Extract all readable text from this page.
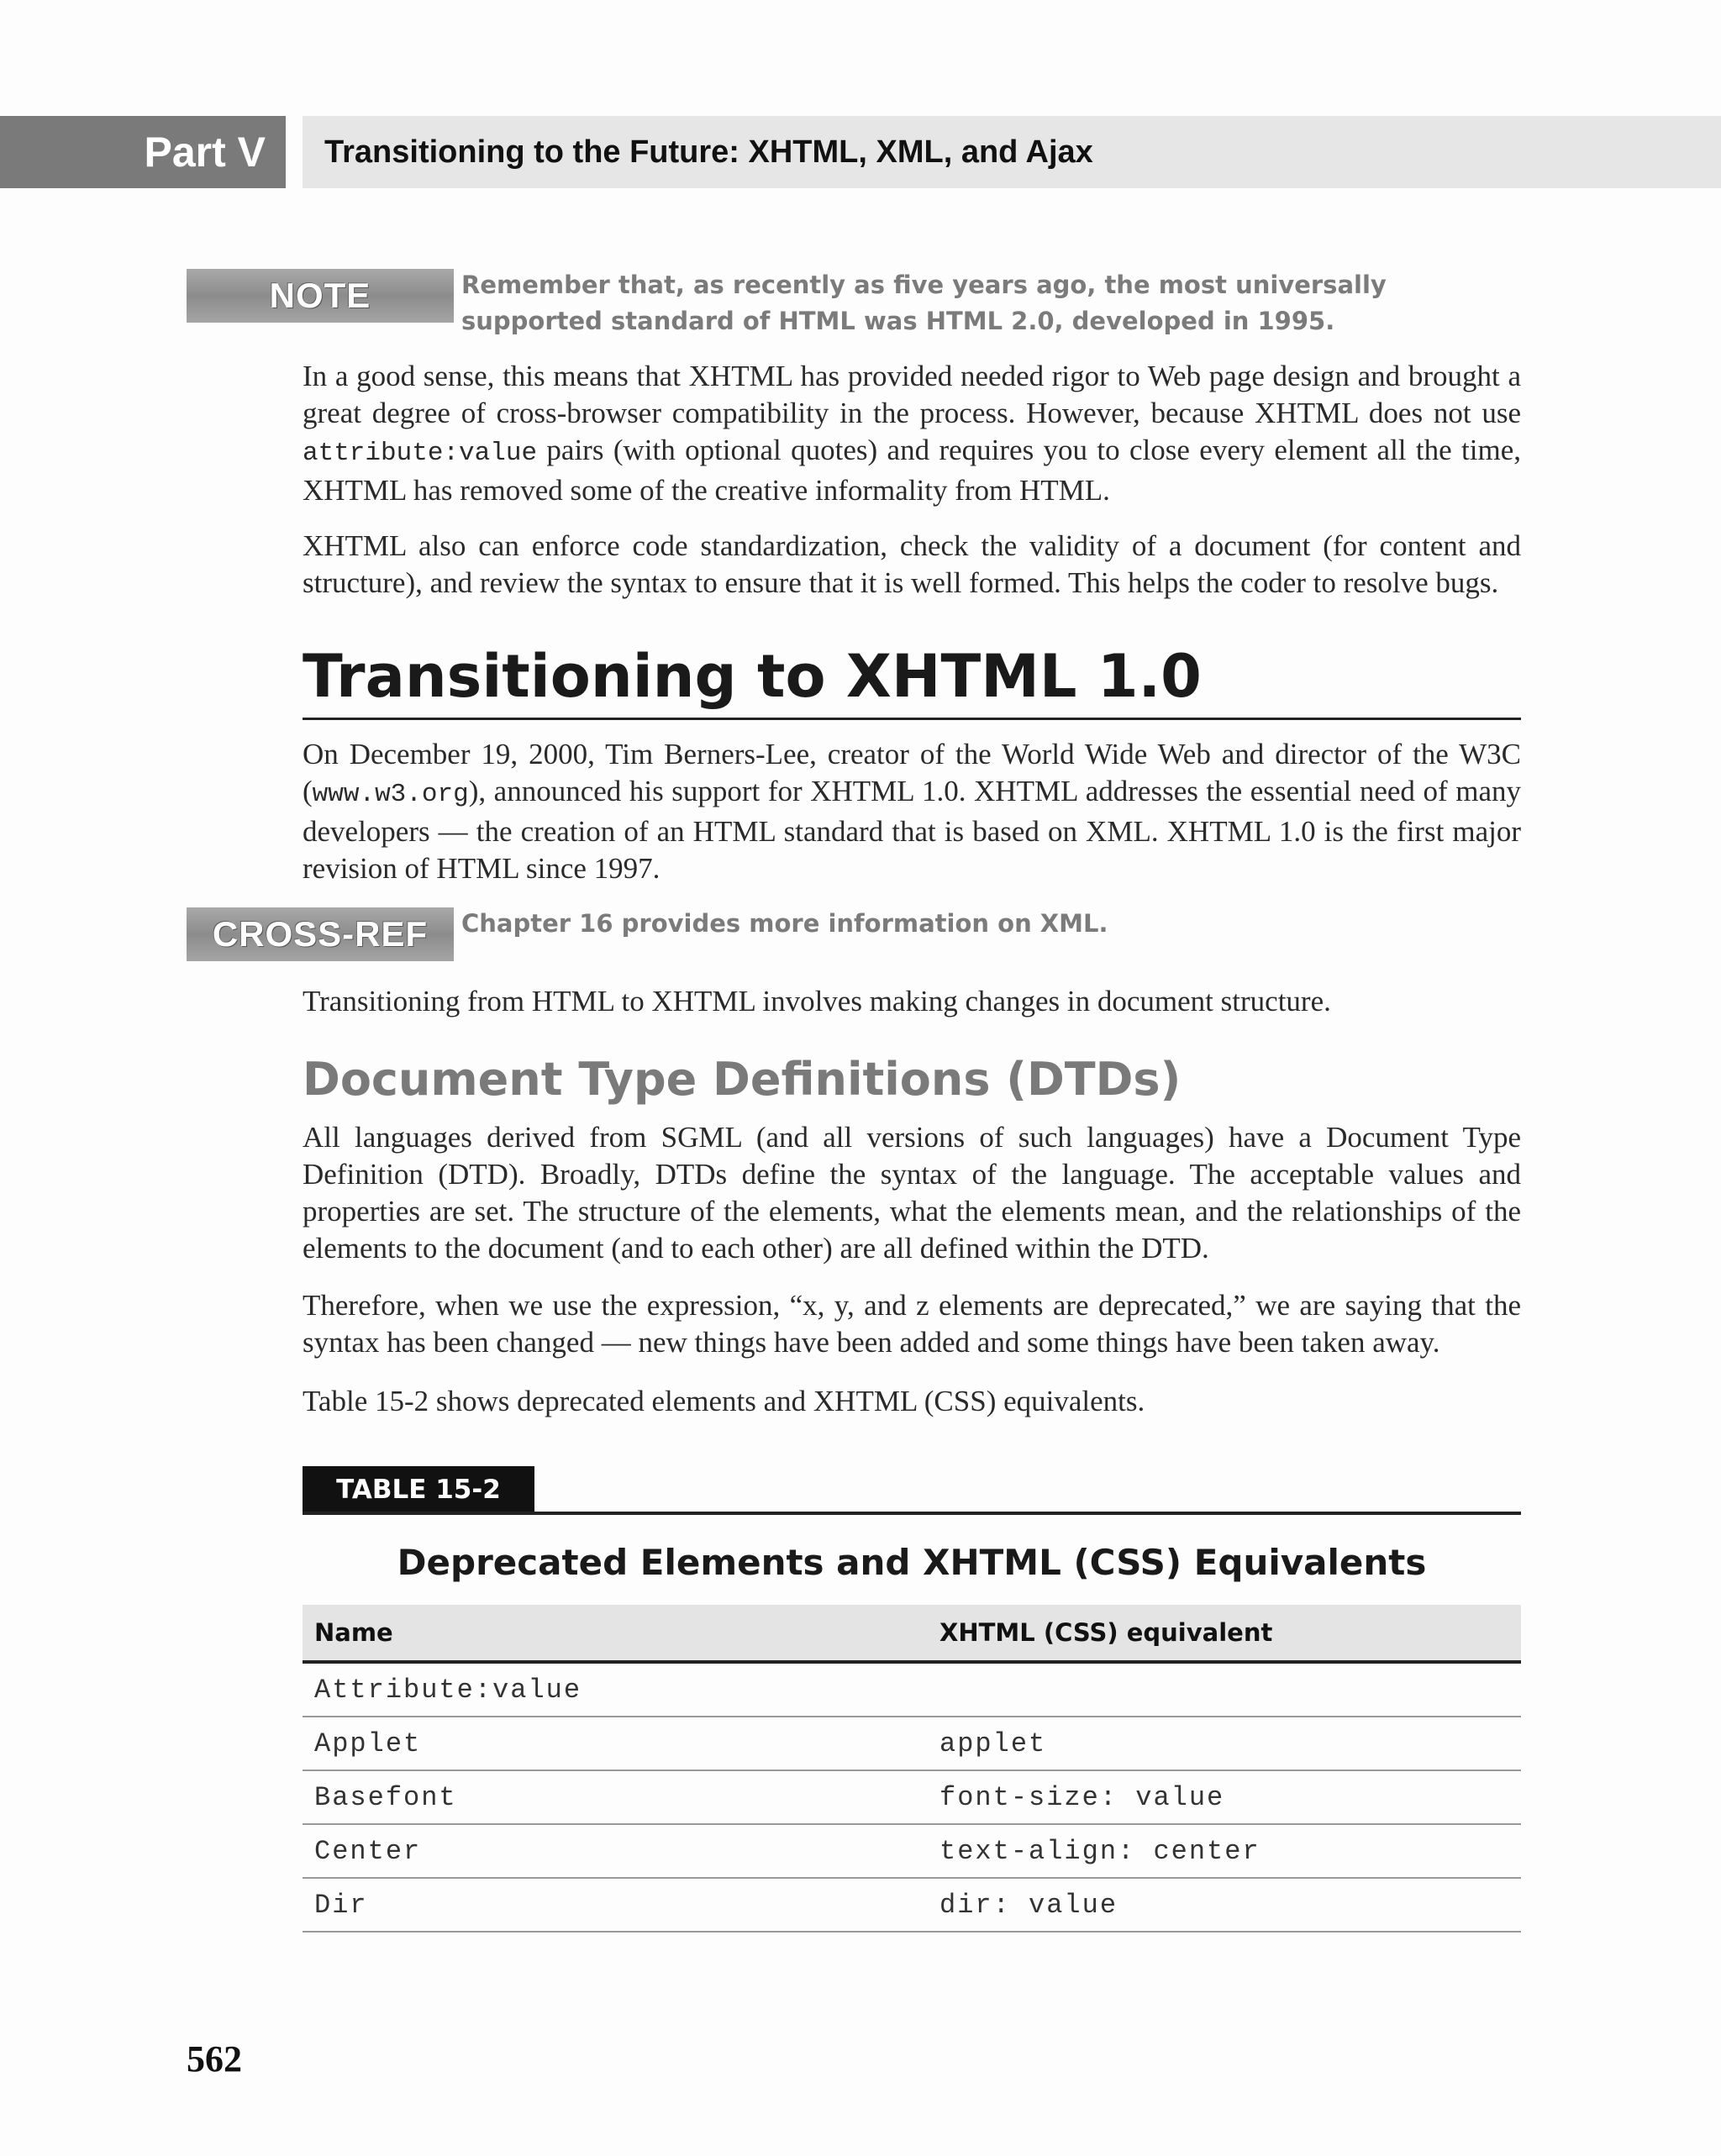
Part V	Transitioning to the Future: XHTML, XML, and Ajax
NOTE	Remember that, as recently as five years ago, the most universally supported standard of HTML was HTML 2.0, developed in 1995.

In a good sense, this means that XHTML has provided needed rigor to Web page design and brought a great degree of cross-browser compatibility in the process. However, because XHTML does not use attribute:value pairs (with optional quotes) and requires you to close every element all the time, XHTML has removed some of the creative informality from HTML.

XHTML also can enforce code standardization, check the validity of a document (for content and structure), and review the syntax to ensure that it is well formed. This helps the coder to resolve bugs.

Transitioning to XHTML 1.0

On December 19, 2000, Tim Berners-Lee, creator of the World Wide Web and director of the W3C (www.w3.org), announced his support for XHTML 1.0. XHTML addresses the essential need of many developers — the creation of an HTML standard that is based on XML. XHTML 1.0 is the first major revision of HTML since 1997.

CROSS-REF	Chapter 16 provides more information on XML.

Transitioning from HTML to XHTML involves making changes in document structure.

Document Type Definitions (DTDs)

All languages derived from SGML (and all versions of such languages) have a Document Type Definition (DTD). Broadly, DTDs define the syntax of the language. The acceptable values and properties are set. The structure of the elements, what the elements mean, and the relationships of the elements to the document (and to each other) are all defined within the DTD.

Therefore, when we use the expression, “x, y, and z elements are deprecated,” we are saying that the syntax has been changed — new things have been added and some things have been taken away.

Table 15-2 shows deprecated elements and XHTML (CSS) equivalents.

TABLE 15-2
Deprecated Elements and XHTML (CSS) Equivalents
Name	XHTML (CSS) equivalent
Attribute:value	
Applet	applet
Basefont	font-size: value
Center	text-align: center
Dir	dir: value
562
